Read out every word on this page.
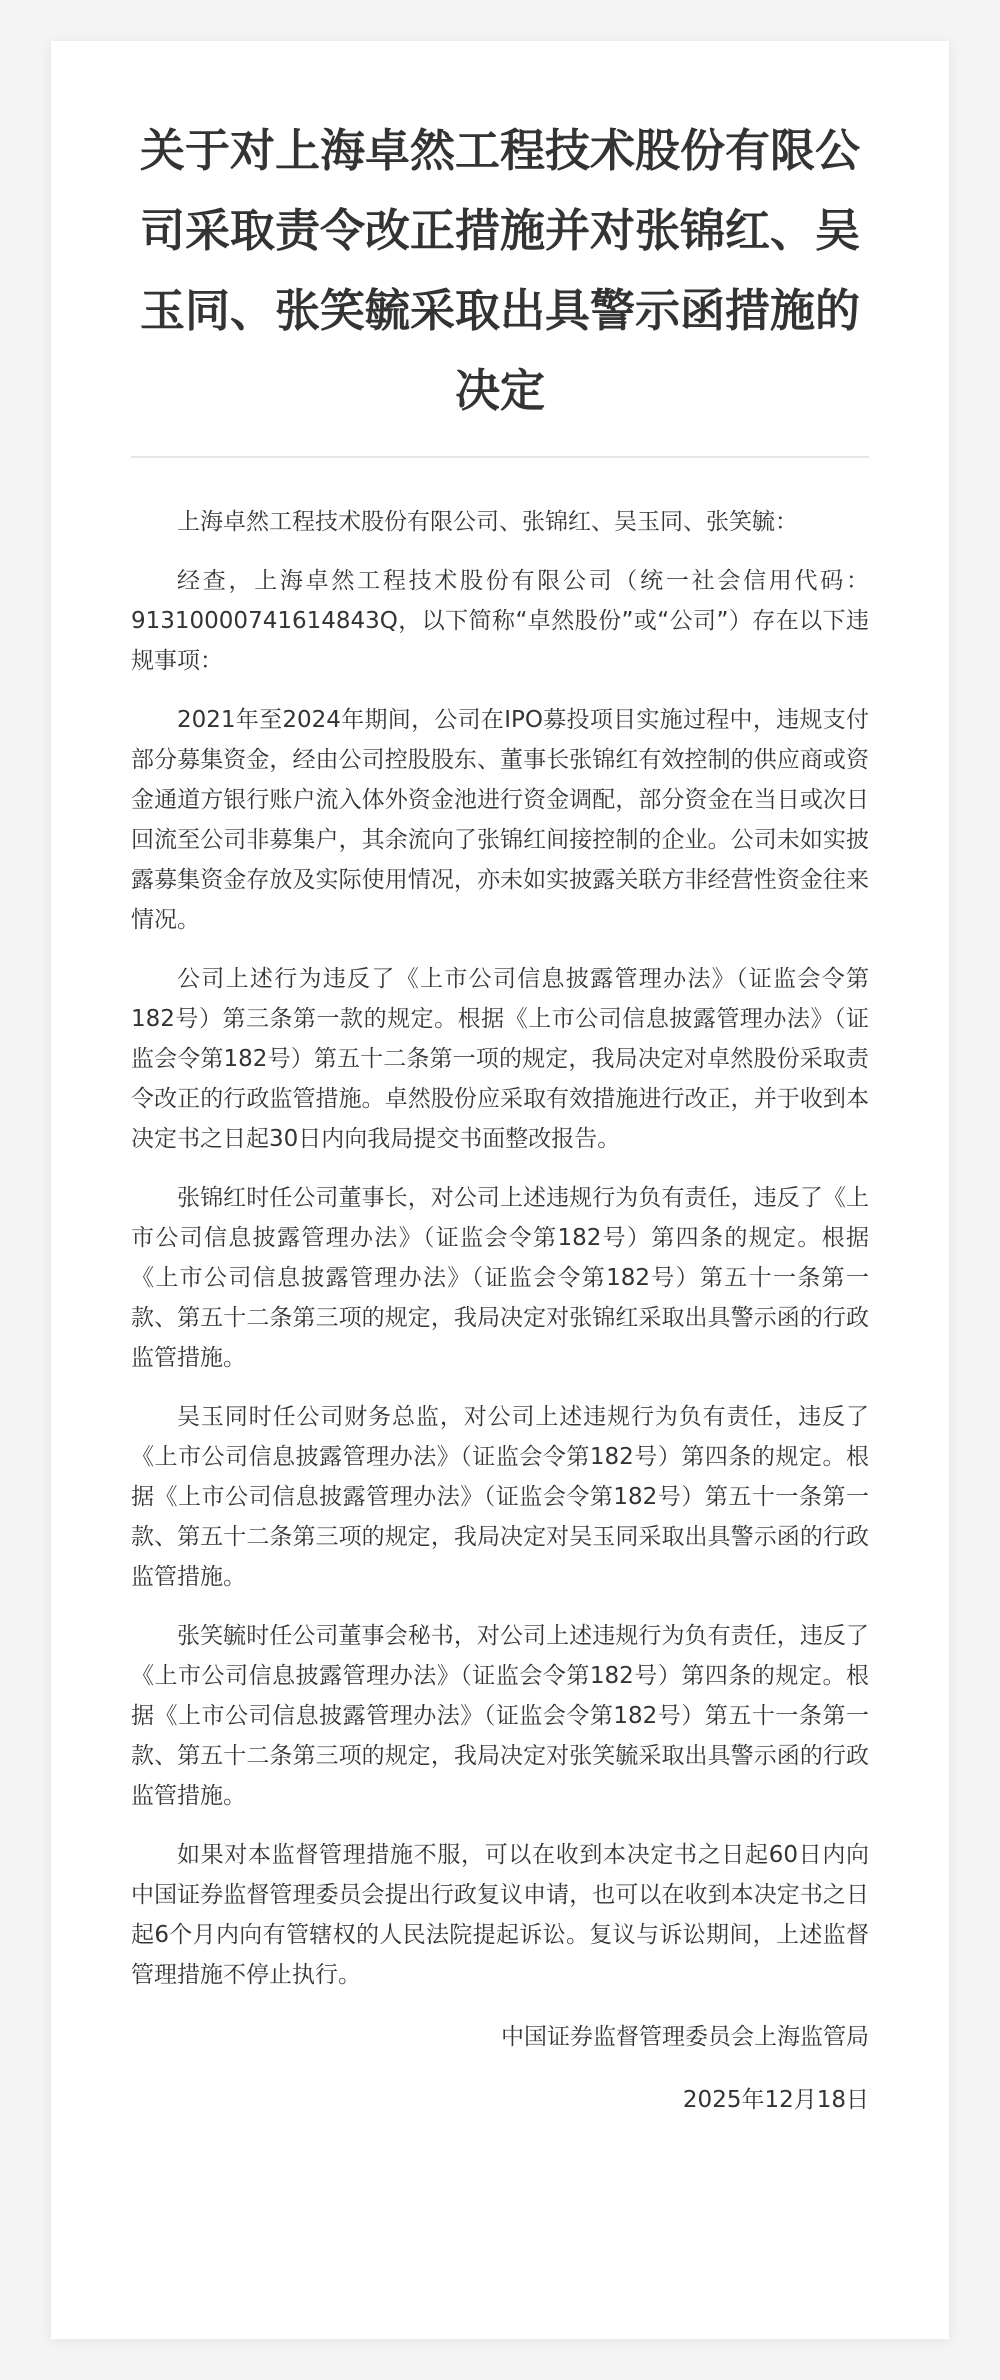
关于对上海卓然工程技术股份有限公司采取责令改正措施并对张锦红、吴玉同、张笑毓采取出具警示函措施的决定

上海卓然工程技术股份有限公司、张锦红、吴玉同、张笑毓：

经查，上海卓然工程技术股份有限公司（统一社会信用代码：91310000741614843Q，以下简称“卓然股份”或“公司”）存在以下违规事项：

2021年至2024年期间，公司在IPO募投项目实施过程中，违规支付部分募集资金，经由公司控股股东、董事长张锦红有效控制的供应商或资金通道方银行账户流入体外资金池进行资金调配，部分资金在当日或次日回流至公司非募集户，其余流向了张锦红间接控制的企业。公司未如实披露募集资金存放及实际使用情况，亦未如实披露关联方非经营性资金往来情况。

公司上述行为违反了《上市公司信息披露管理办法》（证监会令第182号）第三条第一款的规定。根据《上市公司信息披露管理办法》（证监会令第182号）第五十二条第一项的规定，我局决定对卓然股份采取责令改正的行政监管措施。卓然股份应采取有效措施进行改正，并于收到本决定书之日起30日内向我局提交书面整改报告。

张锦红时任公司董事长，对公司上述违规行为负有责任，违反了《上市公司信息披露管理办法》（证监会令第182号）第四条的规定。根据《上市公司信息披露管理办法》（证监会令第182号）第五十一条第一款、第五十二条第三项的规定，我局决定对张锦红采取出具警示函的行政监管措施。

吴玉同时任公司财务总监，对公司上述违规行为负有责任，违反了《上市公司信息披露管理办法》（证监会令第182号）第四条的规定。根据《上市公司信息披露管理办法》（证监会令第182号）第五十一条第一款、第五十二条第三项的规定，我局决定对吴玉同采取出具警示函的行政监管措施。

张笑毓时任公司董事会秘书，对公司上述违规行为负有责任，违反了《上市公司信息披露管理办法》（证监会令第182号）第四条的规定。根据《上市公司信息披露管理办法》（证监会令第182号）第五十一条第一款、第五十二条第三项的规定，我局决定对张笑毓采取出具警示函的行政监管措施。

如果对本监督管理措施不服，可以在收到本决定书之日起60日内向中国证券监督管理委员会提出行政复议申请，也可以在收到本决定书之日起6个月内向有管辖权的人民法院提起诉讼。复议与诉讼期间，上述监督管理措施不停止执行。

中国证券监督管理委员会上海监管局

2025年12月18日
